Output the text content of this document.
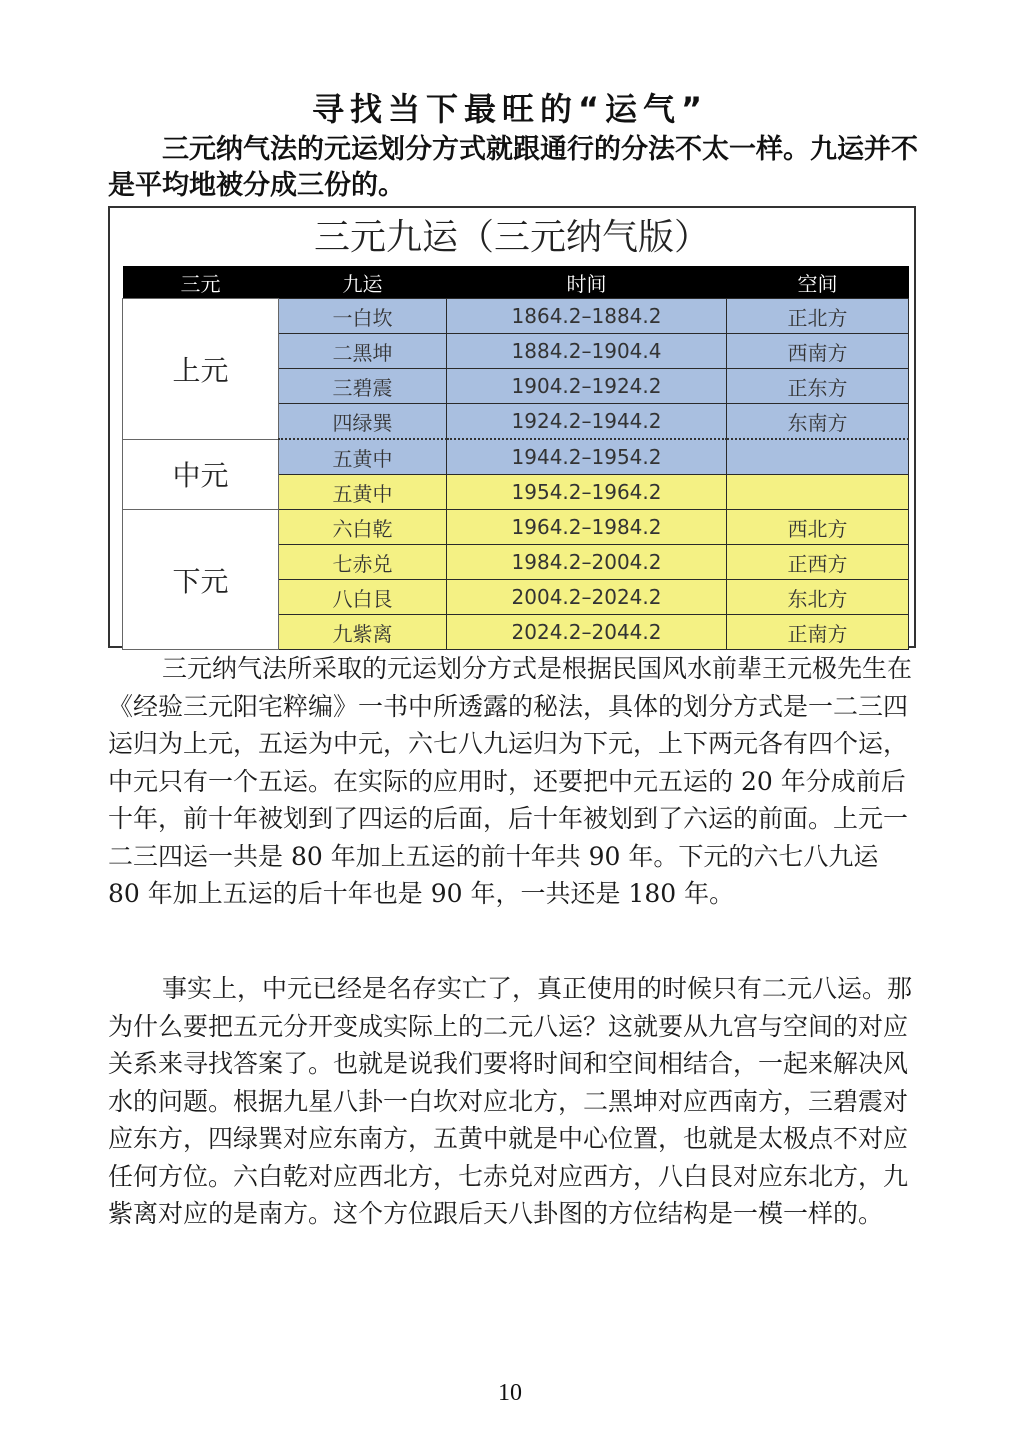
寻找当下最旺的“运气”
三元纳气法的元运划分方式就跟通行的分法不太一样。九运并不是平均地被分成三份的。
三元九运（三元纳气版）
三元	九运	时间	空间
上元	一白坎	1864.2–1884.2	正北方
	二黑坤	1884.2–1904.4	西南方
	三碧震	1904.2–1924.2	正东方
	四绿巽	1924.2–1944.2	东南方
中元	五黄中	1944.2–1954.2	
	五黄中	1954.2–1964.2	
下元	六白乾	1964.2–1984.2	西北方
	七赤兑	1984.2–2004.2	正西方
	八白艮	2004.2–2024.2	东北方
	九紫离	2024.2–2044.2	正南方
三元纳气法所采取的元运划分方式是根据民国风水前辈王元极先生在《经验三元阳宅粹编》一书中所透露的秘法，具体的划分方式是一二三四运归为上元，五运为中元，六七八九运归为下元，上下两元各有四个运，中元只有一个五运。在实际的应用时，还要把中元五运的 20 年分成前后十年，前十年被划到了四运的后面，后十年被划到了六运的前面。上元一二三四运一共是 80 年加上五运的前十年共 90 年。下元的六七八九运 80 年加上五运的后十年也是 90 年，一共还是 180 年。
事实上，中元已经是名存实亡了，真正使用的时候只有二元八运。那为什么要把五元分开变成实际上的二元八运？这就要从九宫与空间的对应关系来寻找答案了。也就是说我们要将时间和空间相结合，一起来解决风水的问题。根据九星八卦一白坎对应北方，二黑坤对应西南方，三碧震对应东方，四绿巽对应东南方，五黄中就是中心位置，也就是太极点不对应任何方位。六白乾对应西北方，七赤兑对应西方，八白艮对应东北方，九紫离对应的是南方。这个方位跟后天八卦图的方位结构是一模一样的。
10
